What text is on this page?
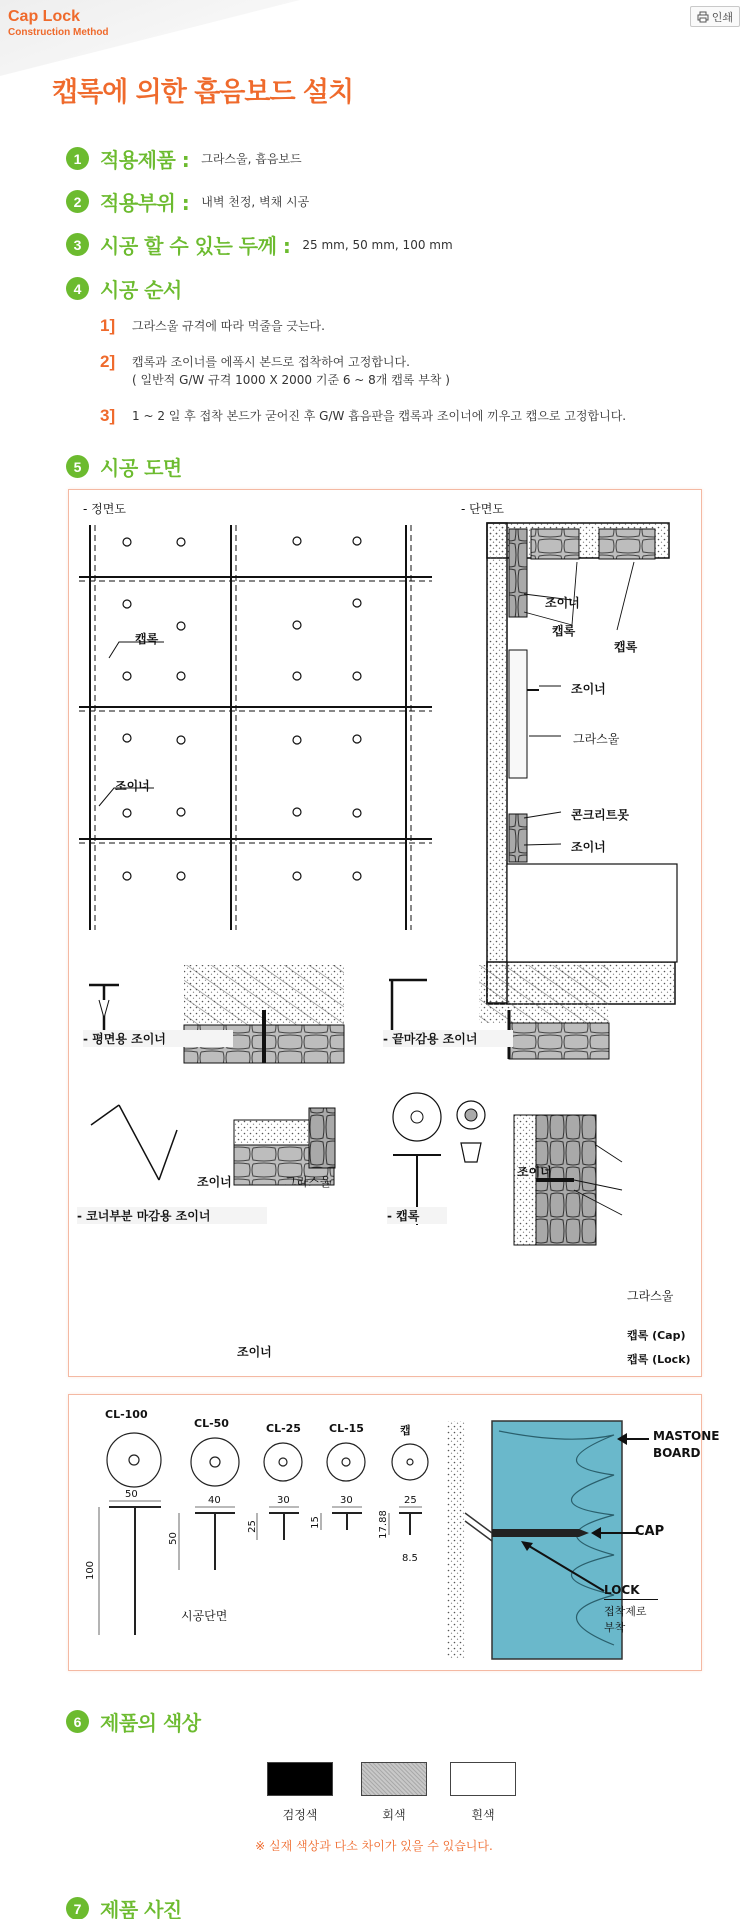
Cap Lock
Construction Method
인쇄
캡록에 의한 흡음보드 설치
1 적용제품 : 그라스울, 흡음보드
2 적용부위 : 내벽 천정, 벽채 시공
3 시공 할 수 있는 두께 : 25 mm, 50 mm, 100 mm
4 시공 순서
1]	그라스울 규격에 따라 먹줄을 긋는다.
2]	캡록과 조이너를 에폭시 본드로 접착하여 고정합니다.
( 일반적 G/W 규격 1000 X 2000 기준 6 ~ 8개 캡록 부착 )
3]	1 ~ 2 일 후 접착 본드가 굳어진 후 G/W 흡음판을 캡록과 조이너에 끼우고 캡으로 고정합니다.
5 시공 도면
- 정면도	- 단면도
캡록
조이너
조이너
캡록
캡록
조이너
그라스울
콘크리트못
조이너
- 평면용 조이너	- 끝마감용 조이너
조이너	그라스울
조이너
- 코너부분 마감용 조이너	- 캡록
조이너
그라스울
캡록 (Cap)
캡록 (Lock)
CL-100
CL-50	CL-25	CL-15	캡
50
40	30	30	25
100
50
25	15	17.88
8.5
시공단면
MASTONE
BOARD
CAP
LOCK
접착제로
부착
6 제품의 색상
검정색	회색	흰색
※ 실재 색상과 다소 차이가 있을 수 있습니다.
7 제품 사진
